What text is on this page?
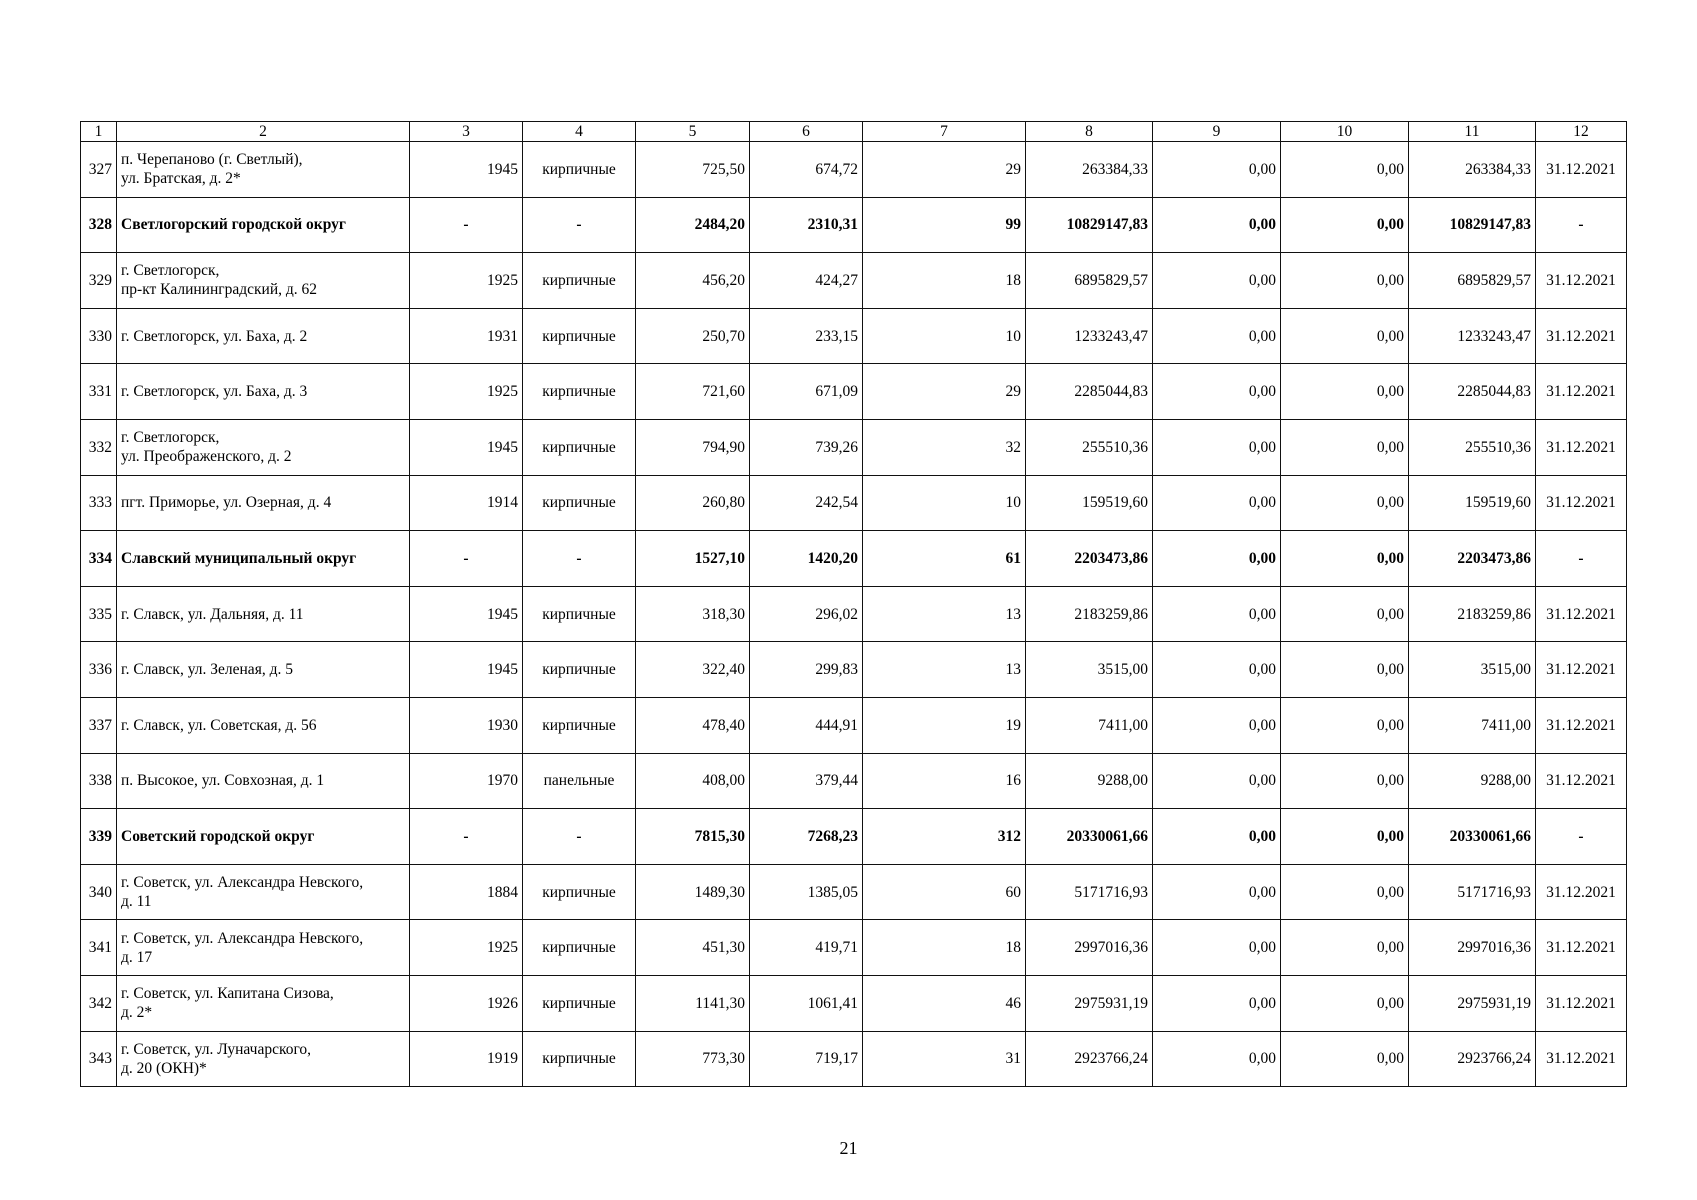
1	2	3	4	5	6	7	8	9	10	11	12
327	п. Черепаново (г. Светлый),
ул. Братская, д. 2*	1945	кирпичные	725,50	674,72	29	263384,33	0,00	0,00	263384,33	31.12.2021
328	Светлогорский городской округ	-	-	2484,20	2310,31	99	10829147,83	0,00	0,00	10829147,83	-
329	г. Светлогорск,
пр-кт Калининградский, д. 62	1925	кирпичные	456,20	424,27	18	6895829,57	0,00	0,00	6895829,57	31.12.2021
330	г. Светлогорск, ул. Баха, д. 2	1931	кирпичные	250,70	233,15	10	1233243,47	0,00	0,00	1233243,47	31.12.2021
331	г. Светлогорск, ул. Баха, д. 3	1925	кирпичные	721,60	671,09	29	2285044,83	0,00	0,00	2285044,83	31.12.2021
332	г. Светлогорск,
ул. Преображенского, д. 2	1945	кирпичные	794,90	739,26	32	255510,36	0,00	0,00	255510,36	31.12.2021
333	пгт. Приморье, ул. Озерная, д. 4	1914	кирпичные	260,80	242,54	10	159519,60	0,00	0,00	159519,60	31.12.2021
334	Славский муниципальный округ	-	-	1527,10	1420,20	61	2203473,86	0,00	0,00	2203473,86	-
335	г. Славск, ул. Дальняя, д. 11	1945	кирпичные	318,30	296,02	13	2183259,86	0,00	0,00	2183259,86	31.12.2021
336	г. Славск, ул. Зеленая, д. 5	1945	кирпичные	322,40	299,83	13	3515,00	0,00	0,00	3515,00	31.12.2021
337	г. Славск, ул. Советская, д. 56	1930	кирпичные	478,40	444,91	19	7411,00	0,00	0,00	7411,00	31.12.2021
338	п. Высокое, ул. Совхозная, д. 1	1970	панельные	408,00	379,44	16	9288,00	0,00	0,00	9288,00	31.12.2021
339	Советский городской округ	-	-	7815,30	7268,23	312	20330061,66	0,00	0,00	20330061,66	-
340	г. Советск, ул. Александра Невского,
д. 11	1884	кирпичные	1489,30	1385,05	60	5171716,93	0,00	0,00	5171716,93	31.12.2021
341	г. Советск, ул. Александра Невского,
д. 17	1925	кирпичные	451,30	419,71	18	2997016,36	0,00	0,00	2997016,36	31.12.2021
342	г. Советск, ул. Капитана Сизова,
д. 2*	1926	кирпичные	1141,30	1061,41	46	2975931,19	0,00	0,00	2975931,19	31.12.2021
343	г. Советск, ул. Луначарского,
д. 20 (ОКН)*	1919	кирпичные	773,30	719,17	31	2923766,24	0,00	0,00	2923766,24	31.12.2021
21
